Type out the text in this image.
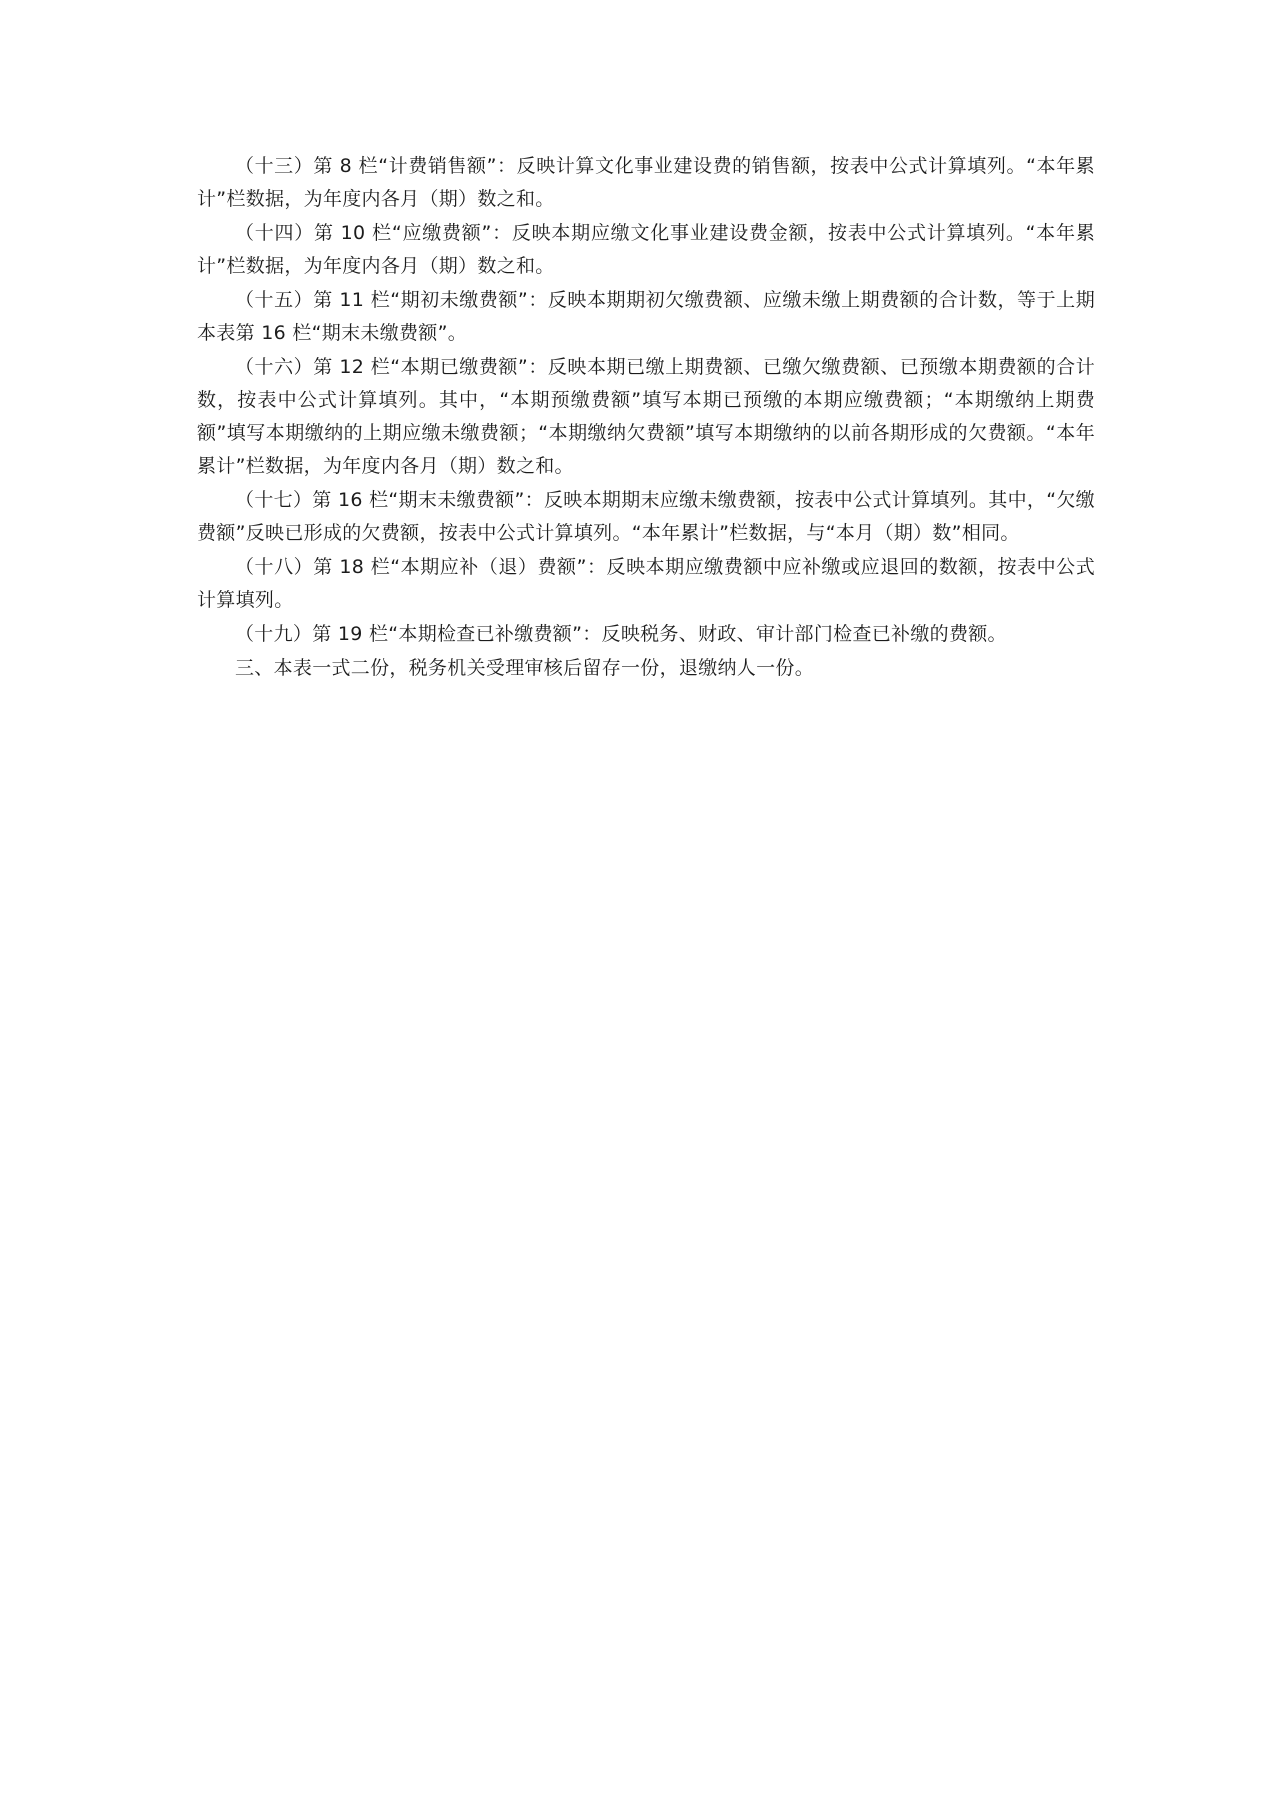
（十三）第 8 栏“计费销售额”：反映计算文化事业建设费的销售额，按表中公式计算填列。“本年累计”栏数据，为年度内各月（期）数之和。

（十四）第 10 栏“应缴费额”：反映本期应缴文化事业建设费金额，按表中公式计算填列。“本年累计”栏数据，为年度内各月（期）数之和。

（十五）第 11 栏“期初未缴费额”：反映本期期初欠缴费额、应缴未缴上期费额的合计数，等于上期本表第 16 栏“期末未缴费额”。

（十六）第 12 栏“本期已缴费额”：反映本期已缴上期费额、已缴欠缴费额、已预缴本期费额的合计数，按表中公式计算填列。其中，“本期预缴费额”填写本期已预缴的本期应缴费额；“本期缴纳上期费额”填写本期缴纳的上期应缴未缴费额；“本期缴纳欠费额”填写本期缴纳的以前各期形成的欠费额。“本年累计”栏数据，为年度内各月（期）数之和。

（十七）第 16 栏“期末未缴费额”：反映本期期末应缴未缴费额，按表中公式计算填列。其中，“欠缴费额”反映已形成的欠费额，按表中公式计算填列。“本年累计”栏数据，与“本月（期）数”相同。

（十八）第 18 栏“本期应补（退）费额”：反映本期应缴费额中应补缴或应退回的数额，按表中公式计算填列。

（十九）第 19 栏“本期检查已补缴费额”：反映税务、财政、审计部门检查已补缴的费额。

三、本表一式二份，税务机关受理审核后留存一份，退缴纳人一份。
